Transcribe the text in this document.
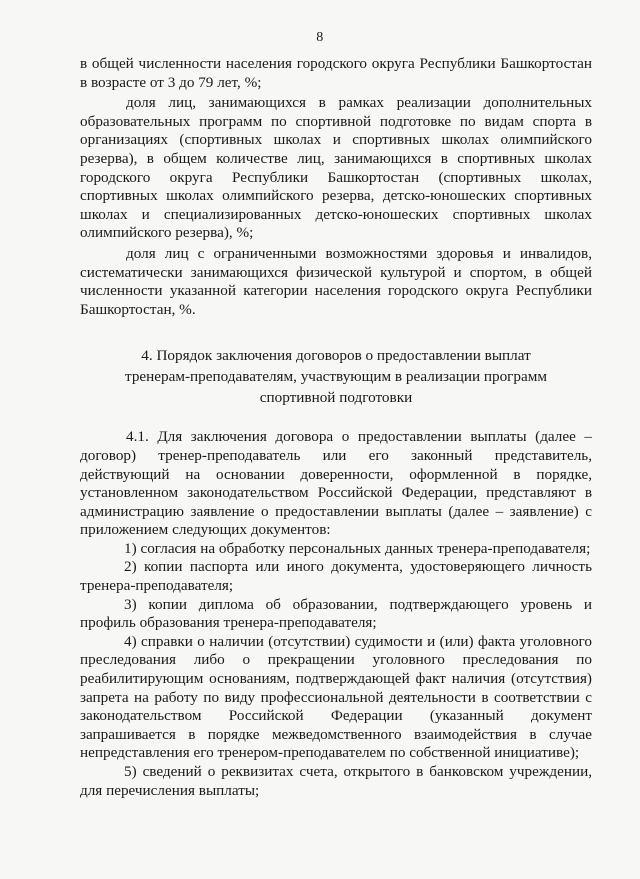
8

в общей численности населения городского округа Республики Башкортостан в возрасте от 3 до 79 лет, %;

доля лиц, занимающихся в рамках реализации дополнительных образовательных программ по спортивной подготовке по видам спорта в организациях (спортивных школах и спортивных школах олимпийского резерва), в общем количестве лиц, занимающихся в спортивных школах городского округа Республики Башкортостан (спортивных школах, спортивных школах олимпийского резерва, детско-юношеских спортивных школах и специализированных детско-юношеских спортивных школах олимпийского резерва), %;

доля лиц с ограниченными возможностями здоровья и инвалидов, систематически занимающихся физической культурой и спортом, в общей численности указанной категории населения городского округа Республики Башкортостан, %.

4. Порядок заключения договоров о предоставлении выплат
тренерам-преподавателям, участвующим в реализации программ
спортивной подготовки

4.1. Для заключения договора о предоставлении выплаты (далее – договор) тренер-преподаватель или его законный представитель, действующий на основании доверенности, оформленной в порядке, установленном законодательством Российской Федерации, представляют в администрацию заявление о предоставлении выплаты (далее – заявление) с приложением следующих документов:

1) согласия на обработку персональных данных тренера-преподавателя;

2) копии паспорта или иного документа, удостоверяющего личность тренера-преподавателя;

3) копии диплома об образовании, подтверждающего уровень и профиль образования тренера-преподавателя;

4) справки о наличии (отсутствии) судимости и (или) факта уголовного преследования либо о прекращении уголовного преследования по реабилитирующим основаниям, подтверждающей факт наличия (отсутствия) запрета на работу по виду профессиональной деятельности в соответствии с законодательством Российской Федерации (указанный документ запрашивается в порядке межведомственного взаимодействия в случае непредставления его тренером-преподавателем по собственной инициативе);

5) сведений о реквизитах счета, открытого в банковском учреждении, для перечисления выплаты;
